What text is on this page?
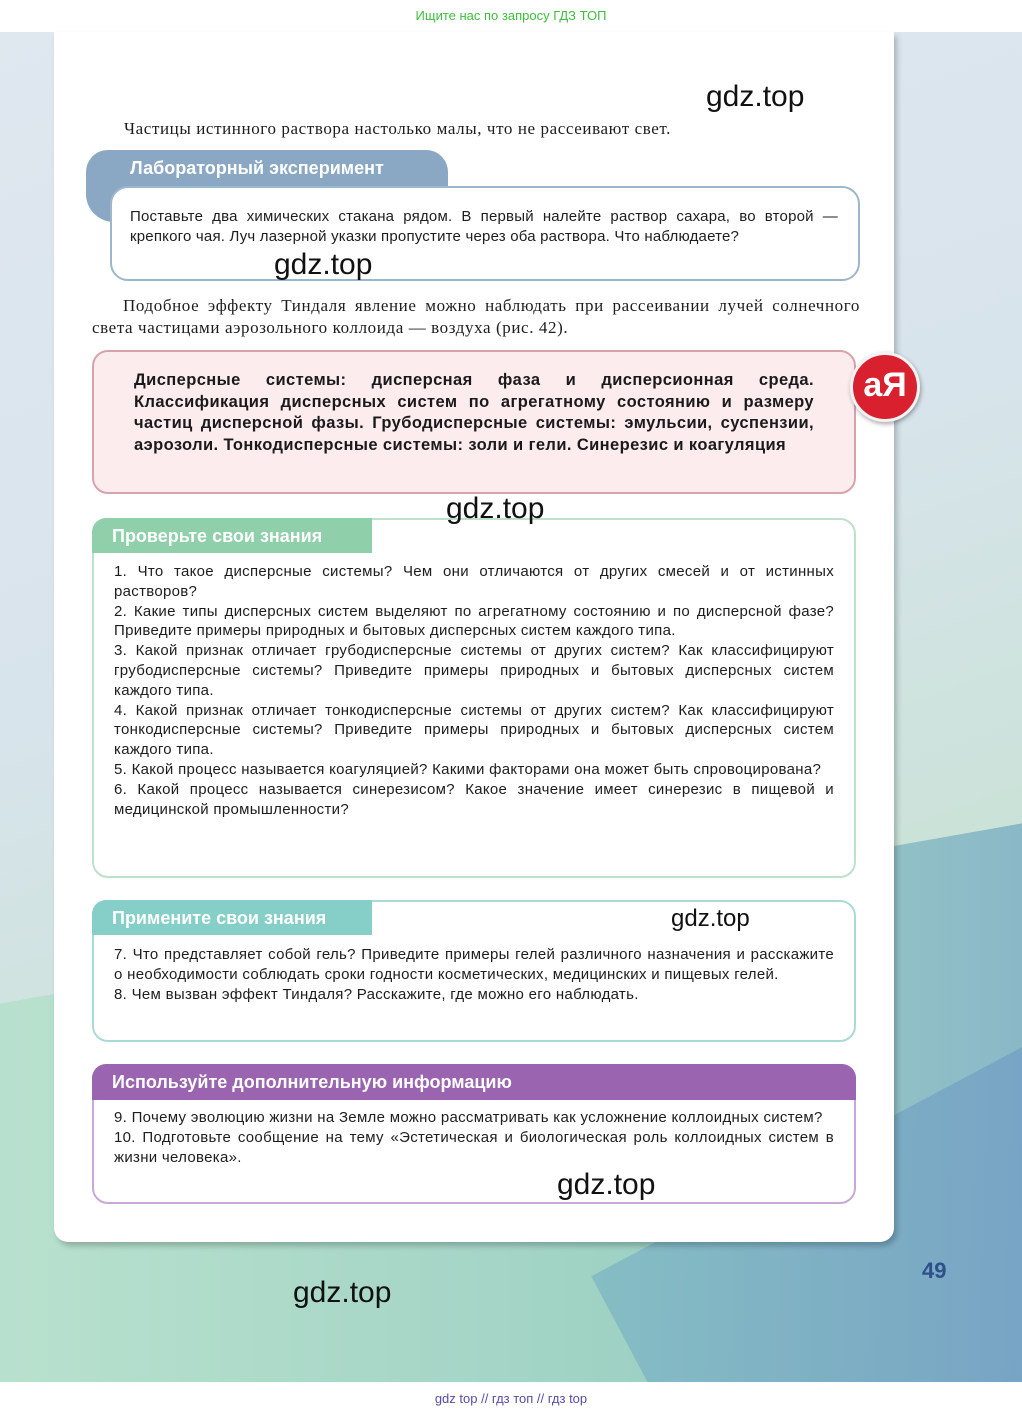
Ищите нас по запросу ГДЗ ТОП
Частицы истинного раствора настолько малы, что не рассеивают свет.
Лабораторный эксперимент
Поставьте два химических стакана рядом. В первый налейте раствор сахара, во второй — крепкого чая. Луч лазерной указки пропустите через оба раствора. Что наблюдаете?
Подобное эффекту Тиндаля явление можно наблюдать при рассеивании лучей солнечного света частицами аэрозольного коллоида — воздуха (рис. 42).
Дисперсные системы: дисперсная фаза и дисперсионная среда. Классификация дисперсных систем по агрегатному состоянию и размеру частиц дисперсной фазы. Грубодисперсные системы: эмульсии, суспензии, аэрозоли. Тонкодисперсные системы: золи и гели. Синерезис и коагуляция
аЯ
Проверьте свои знания

1. Что такое дисперсные системы? Чем они отличаются от других смесей и от истинных растворов?

2. Какие типы дисперсных систем выделяют по агрегатному состоянию и по дисперсной фазе? Приведите примеры природных и бытовых дисперсных систем каждого типа.

3. Какой признак отличает грубодисперсные системы от других систем? Как классифицируют грубодисперсные системы? Приведите примеры природных и бытовых дисперсных систем каждого типа.

4. Какой признак отличает тонкодисперсные системы от других систем? Как классифицируют тонкодисперсные системы? Приведите примеры природных и бытовых дисперсных систем каждого типа.

5. Какой процесс называется коагуляцией? Какими факторами она может быть спровоцирована?

6. Какой процесс называется синерезисом? Какое значение имеет синерезис в пищевой и медицинской промышленности?

Примените свои знания

7. Что представляет собой гель? Приведите примеры гелей различного назначения и расскажите о необходимости соблюдать сроки годности косметических, медицинских и пищевых гелей.

8. Чем вызван эффект Тиндаля? Расскажите, где можно его наблюдать.

Используйте дополнительную информацию

9. Почему эволюцию жизни на Земле можно рассматривать как усложнение коллоидных систем?

10. Подготовьте сообщение на тему «Эстетическая и биологическая роль коллоидных систем в жизни человека».

49
gdz.top
gdz.top
gdz.top
gdz.top
gdz.top
gdz.top
gdz top // гдз топ // гдз top
